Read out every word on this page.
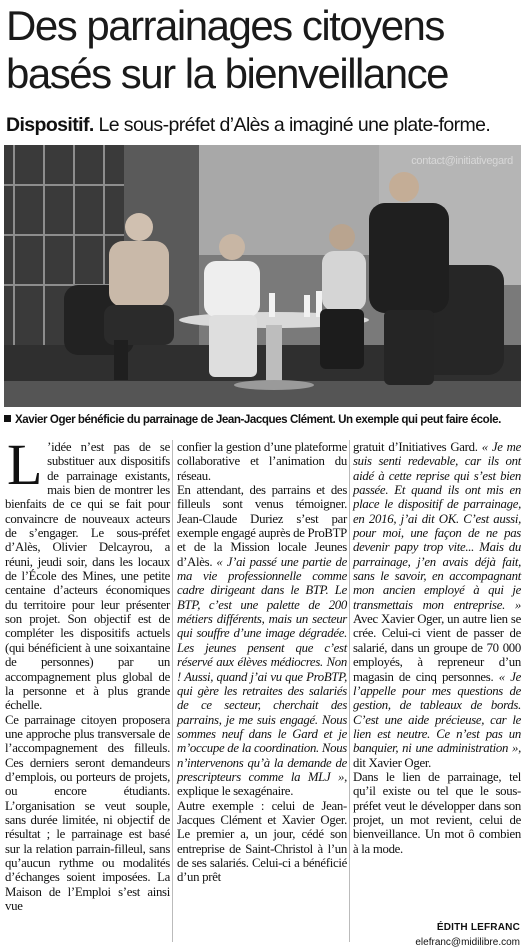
Des parrainages citoyens basés sur la bienveillance
Dispositif. Le sous-préfet d’Alès a imaginé une plate-forme.
contact@initiativegard
Xavier Oger bénéficie du parrainage de Jean-Jacques Clément. Un exemple qui peut faire école.

L ’idée n’est pas de se substituer aux dispositifs de parrainage existants, mais bien de montrer les bienfaits de ce qui se fait pour convaincre de nouveaux acteurs de s’engager. Le sous-préfet d’Alès, Olivier Delcayrou, a réuni, jeudi soir, dans les locaux de l’École des Mines, une petite centaine d’acteurs économiques du territoire pour leur présenter son projet. Son objectif est de compléter les dispositifs actuels (qui bénéficient à une soixantaine de personnes) par un accompagnement plus global de la personne et à plus grande échelle.

Ce parrainage citoyen proposera une approche plus transversale de l’accompagnement des filleuls. Ces derniers seront demandeurs d’emplois, ou porteurs de projets, ou encore étudiants. L’organisation se veut souple, sans durée limitée, ni objectif de résultat ; le parrainage est basé sur la relation parrain-filleul, sans qu’aucun rythme ou modalités d’échanges soient imposées. La Maison de l’Emploi s’est ainsi vue

confier la gestion d’une plateforme collaborative et l’animation du réseau.

En attendant, des parrains et des filleuls sont venus témoigner. Jean-Claude Duriez s’est par exemple engagé auprès de ProBTP et de la Mission locale Jeunes d’Alès. « J’ai passé une partie de ma vie professionnelle comme cadre dirigeant dans le BTP. Le BTP, c’est une palette de 200 métiers différents, mais un secteur qui souffre d’une image dégradée. Les jeunes pensent que c’est réservé aux élèves médiocres. Non ! Aussi, quand j’ai vu que ProBTP, qui gère les retraites des salariés de ce secteur, cherchait des parrains, je me suis engagé. Nous sommes neuf dans le Gard et je m’occupe de la coordination. Nous n’intervenons qu’à la demande de prescripteurs comme la MLJ », explique le sexagénaire.

Autre exemple : celui de Jean-Jacques Clément et Xavier Oger. Le premier a, un jour, cédé son entreprise de Saint-Christol à l’un de ses salariés. Celui-ci a bénéficié d’un prêt

gratuit d’Initiatives Gard. « Je me suis senti redevable, car ils ont aidé à cette reprise qui s’est bien passée. Et quand ils ont mis en place le dispositif de parrainage, en 2016, j’ai dit OK. C’est aussi, pour moi, une façon de ne pas devenir papy trop vite... Mais du parrainage, j’en avais déjà fait, sans le savoir, en accompagnant mon ancien employé à qui je transmettais mon entreprise. » Avec Xavier Oger, un autre lien se crée. Celui-ci vient de passer de salarié, dans un groupe de 70 000 employés, à repreneur d’un magasin de cinq personnes. « Je l’appelle pour mes questions de gestion, de tableaux de bords. C’est une aide précieuse, car le lien est neutre. Ce n’est pas un banquier, ni une administration », dit Xavier Oger.

Dans le lien de parrainage, tel qu’il existe ou tel que le sous-préfet veut le développer dans son projet, un mot revient, celui de bienveillance. Un mot ô combien à la mode.

ÉDITH LEFRANC
elefranc@midilibre.com
